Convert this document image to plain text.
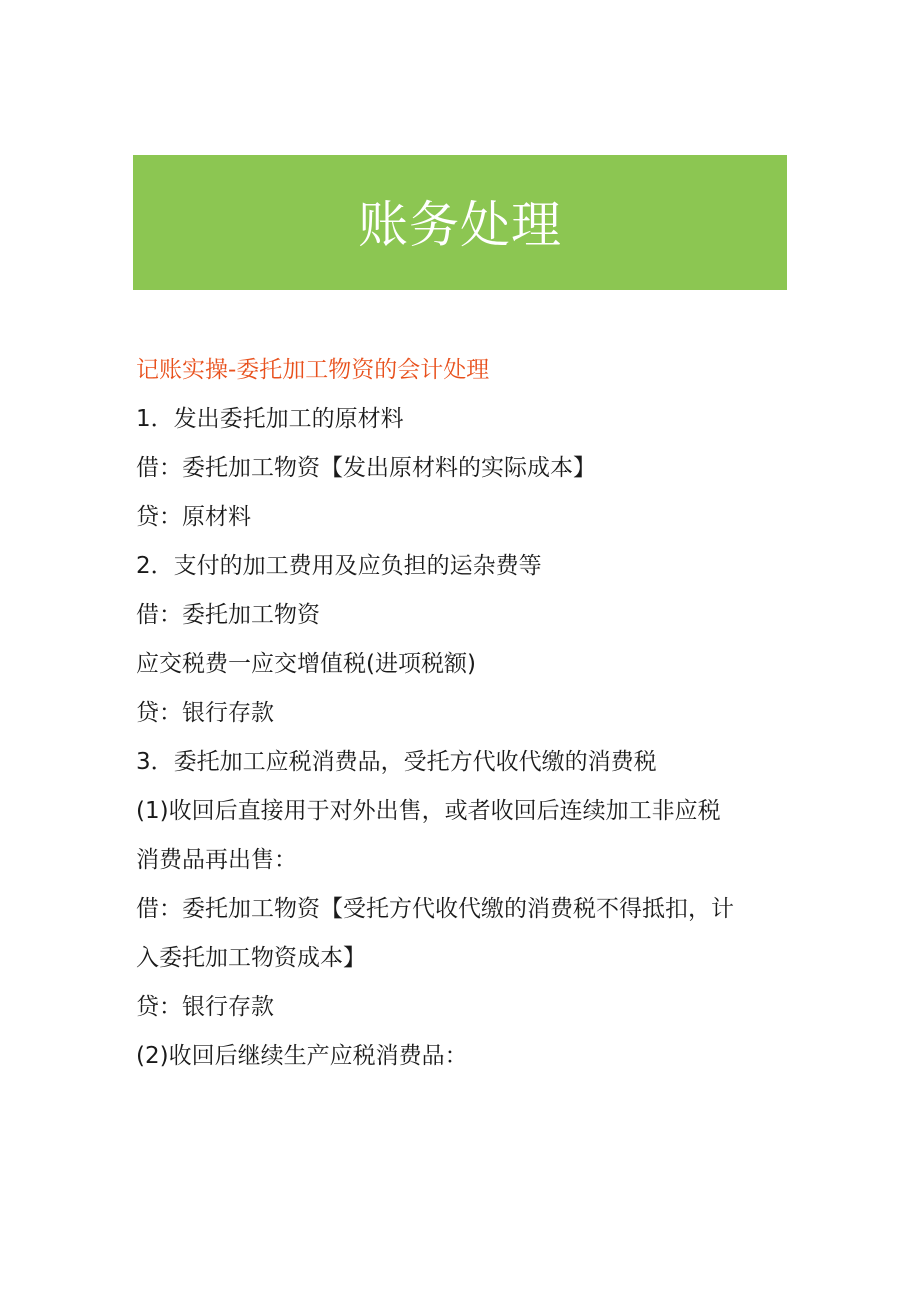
账务处理
记账实操-委托加工物资的会计处理
1．发出委托加工的原材料
借：委托加工物资【发出原材料的实际成本】
贷：原材料
2．支付的加工费用及应负担的运杂费等
借：委托加工物资
应交税费一应交增值税(进项税额)
贷：银行存款
3．委托加工应税消费品，受托方代收代缴的消费税
(1)收回后直接用于对外出售，或者收回后连续加工非应税
消费品再出售：
借：委托加工物资【受托方代收代缴的消费税不得抵扣，计
入委托加工物资成本】
贷：银行存款
(2)收回后继续生产应税消费品：
